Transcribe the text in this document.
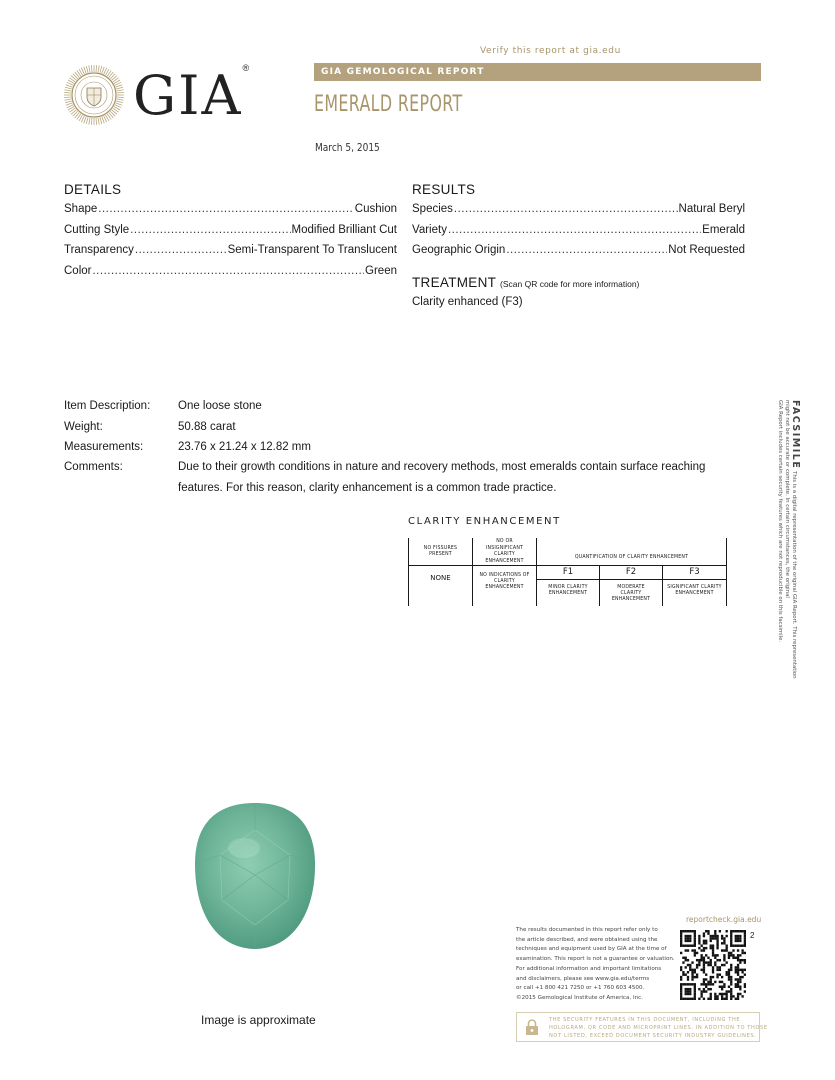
Verify this report at gia.edu
GIA®	GIA GEMOLOGICAL REPORT
EMERALD REPORT
March 5, 2015
DETAILS
Shape .....	Cushion
Cutting Style .....	Modified Brilliant Cut
Transparency .....	Semi-Transparent To Translucent
Color .....	Green
RESULTS
Species .....	Natural Beryl
Variety .....	Emerald
Geographic Origin .....	Not Requested
TREATMENT (Scan QR code for more information)
Clarity enhanced (F3)
Item Description:	One loose stone
Weight:	50.88 carat
Measurements:	23.76 x 21.24 x 12.82 mm
Comments:	Due to their growth conditions in nature and recovery methods, most emeralds contain surface reaching
features. For this reason, clarity enhancement is a common trade practice.
CLARITY ENHANCEMENT
NO FISSURES PRESENT	NO OR INSIGNIFICANT CLARITY ENHANCEMENT	QUANTIFICATION OF CLARITY ENHANCEMENT		
NONE	NO INDICATIONS OF CLARITY ENHANCEMENT	F1	F2	F3
		MINOR CLARITY ENHANCEMENT	MODERATE CLARITY ENHANCEMENT	SIGNIFICANT CLARITY ENHANCEMENT
FACSIMILE This is a digital representation of the original GIA Report. This representation
might not be accurate or complete. In certain circumstances, the original
GIA Report includes certain security features which are not reproducible on this facsimile.
Image is approximate
reportcheck.gia.edu
The results documented in this report refer only to
the article described, and were obtained using the
techniques and equipment used by GIA at the time of
examination. This report is not a guarantee or valuation.
For additional information and important limitations
and disclaimers, please see www.gia.edu/terms
or call +1 800 421 7250 or +1 760 603 4500.
©2015 Gemological Institute of America, Inc.
2
THE SECURITY FEATURES IN THIS DOCUMENT, INCLUDING THE
HOLOGRAM, QR CODE AND MICROPRINT LINES, IN ADDITION TO THOSE
NOT LISTED, EXCEED DOCUMENT SECURITY INDUSTRY GUIDELINES.
